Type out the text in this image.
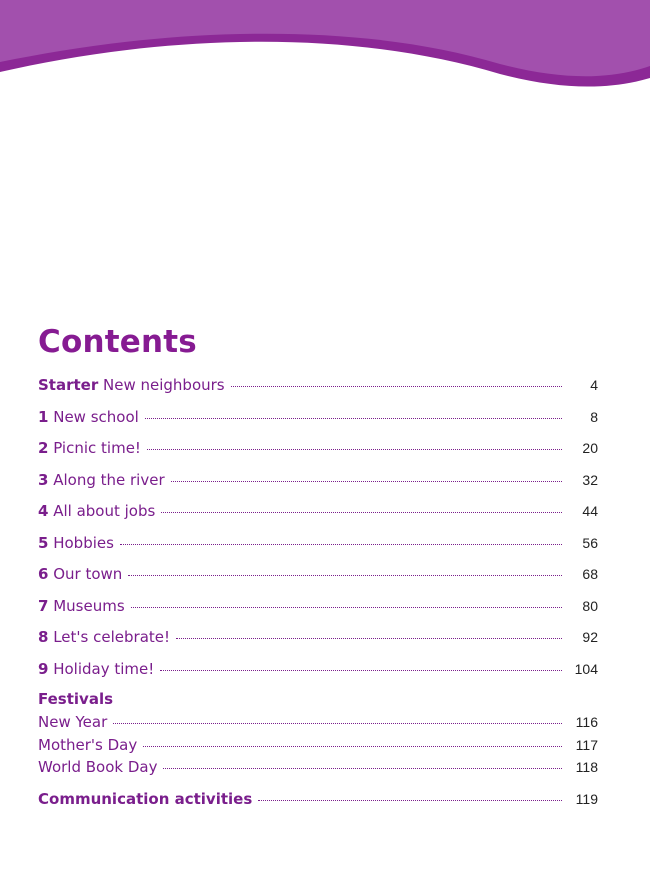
Contents
Starter New neighbours	4
1 New school	8
2 Picnic time!	20
3 Along the river	32
4 All about jobs	44
5 Hobbies	56
6 Our town	68
7 Museums	80
8 Let's celebrate!	92
9 Holiday time!	104
Festivals
New Year	116
Mother's Day	117
World Book Day	118
Communication activities	119
